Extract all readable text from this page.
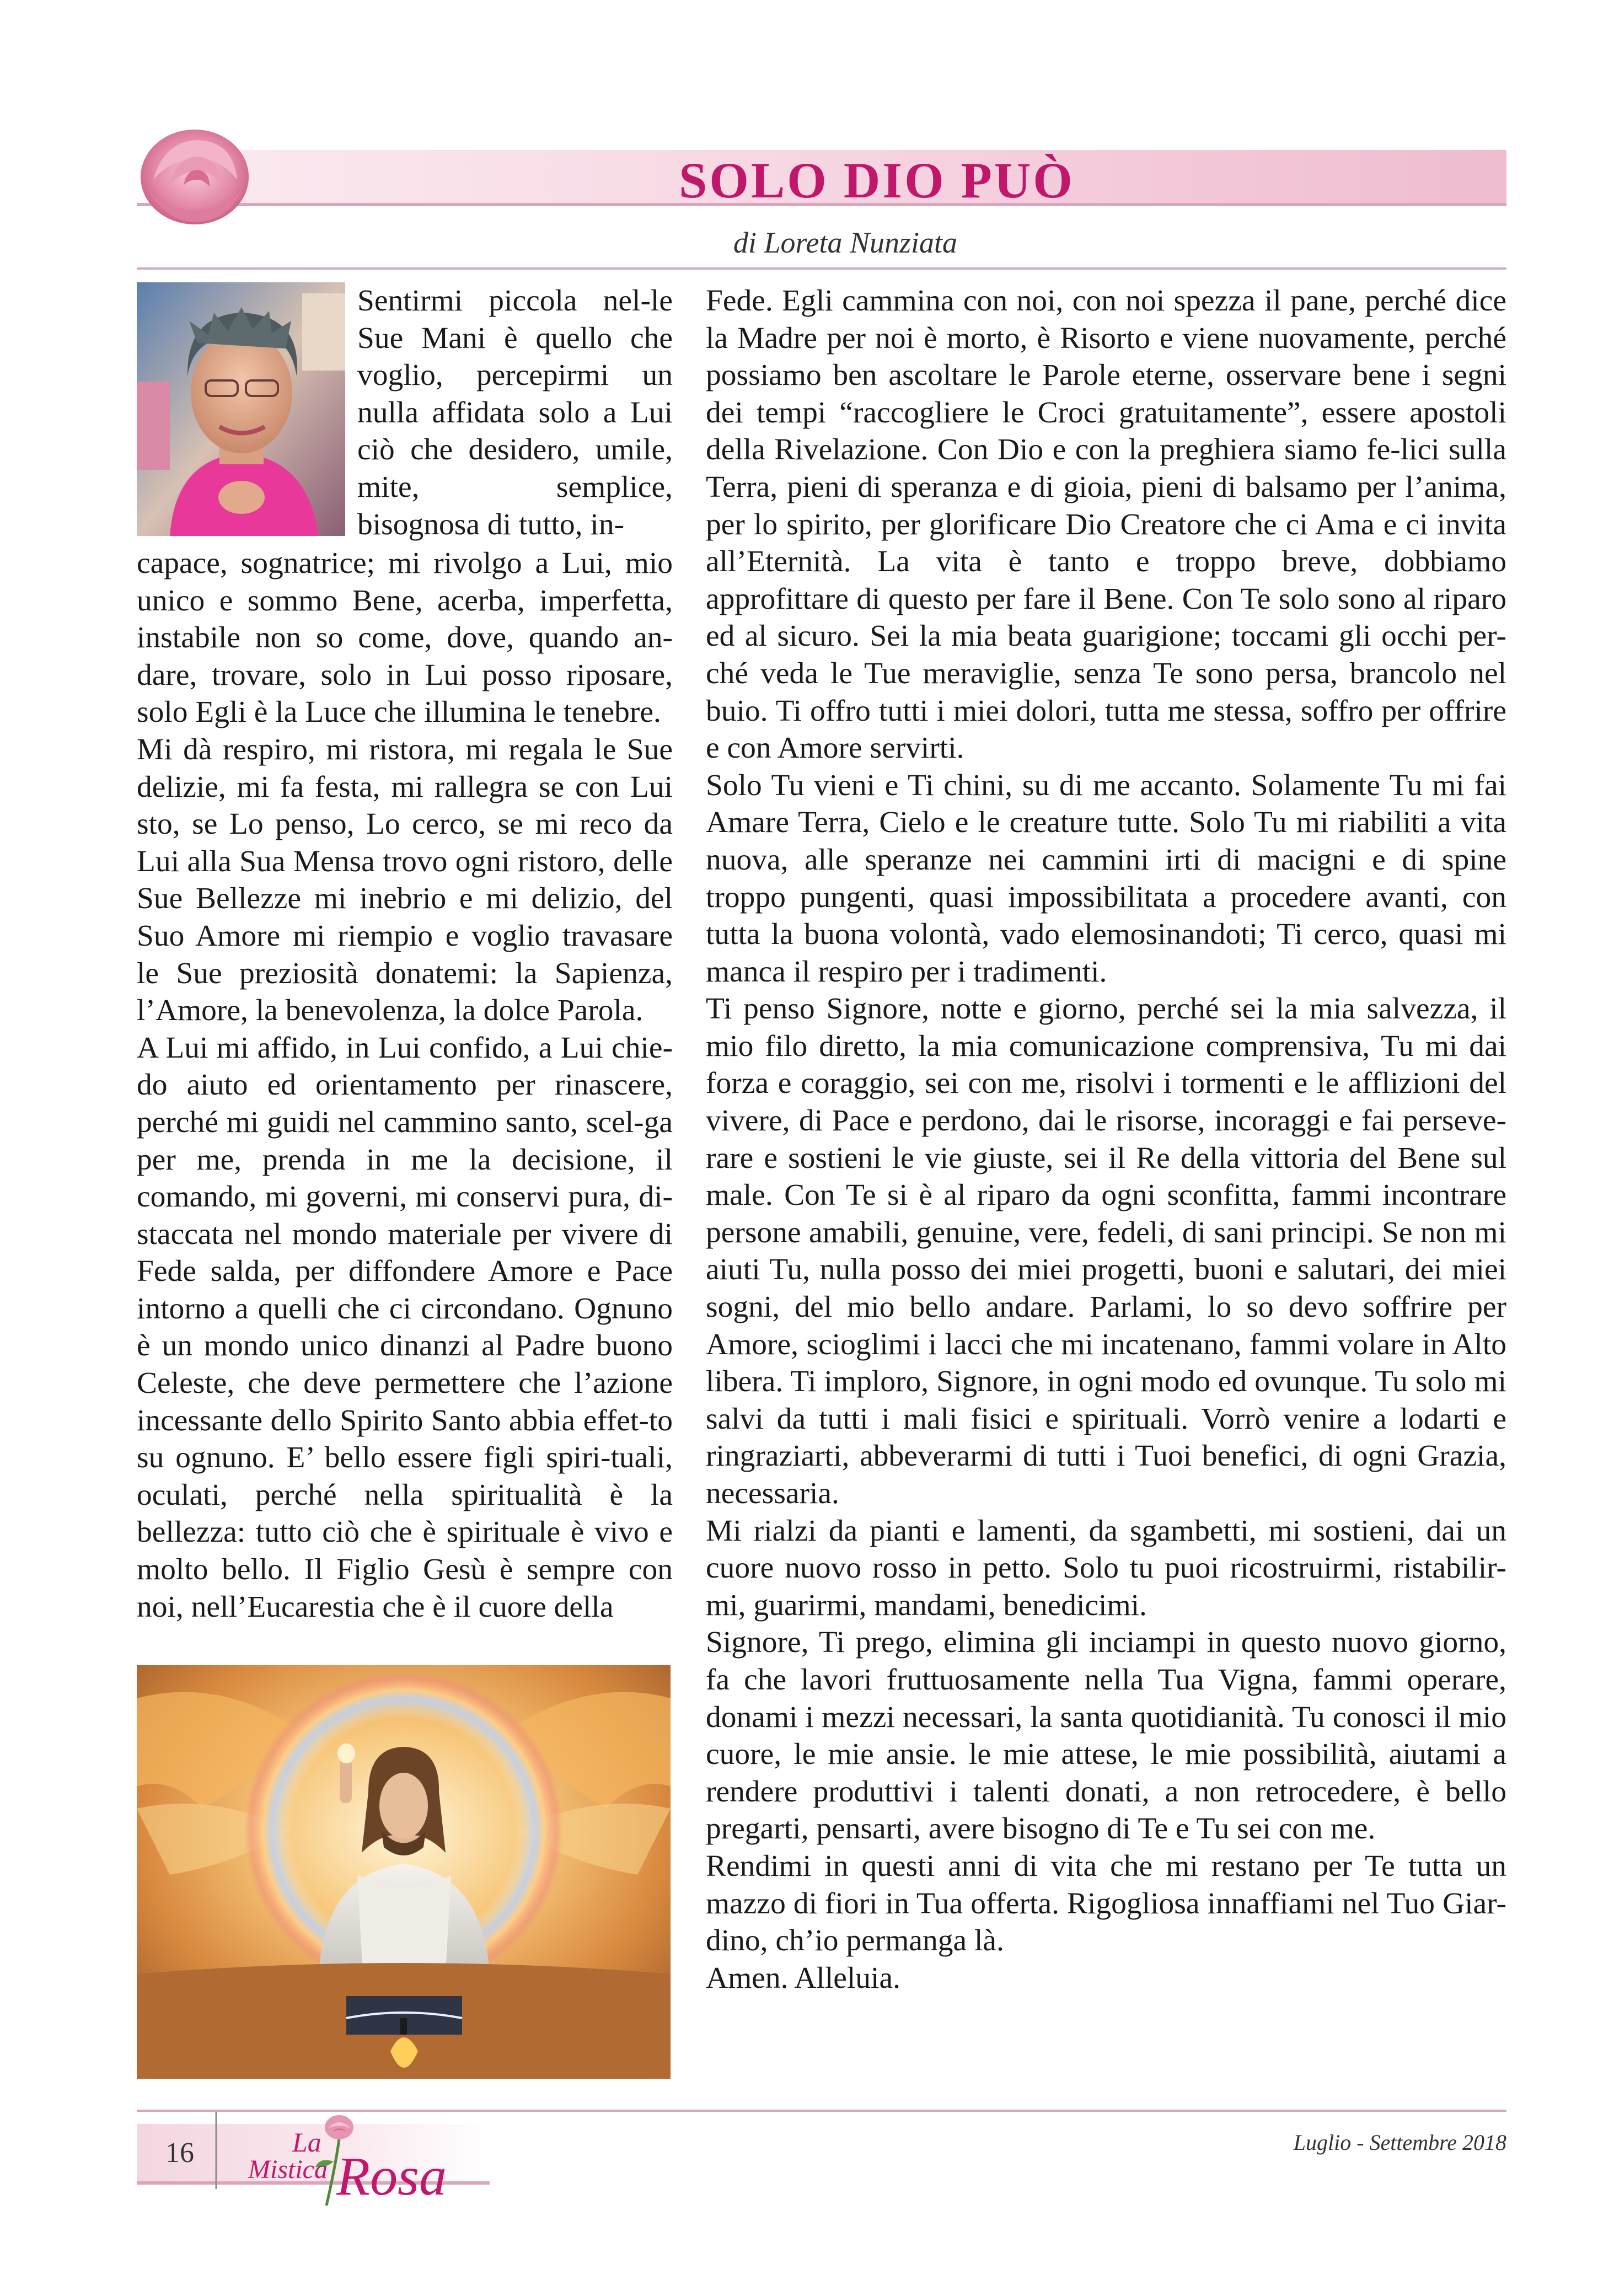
SOLO DIO PUÒ
di Loreta Nunziata

Sentirmi piccola nel-le Sue Mani è quello che voglio, percepirmi un nulla affidata solo a Lui ciò che desidero, umile, mite, semplice, bisognosa di tutto, in-

capace, sognatrice; mi rivolgo a Lui, mio unico e sommo Bene, acerba, imperfetta, instabile non so come, dove, quando an-dare, trovare, solo in Lui posso riposare, solo Egli è la Luce che illumina le tenebre.

Mi dà respiro, mi ristora, mi regala le Sue delizie, mi fa festa, mi rallegra se con Lui sto, se Lo penso, Lo cerco, se mi reco da Lui alla Sua Mensa trovo ogni ristoro, delle Sue Bellezze mi inebrio e mi delizio, del Suo Amore mi riempio e voglio travasare le Sue preziosità donatemi: la Sapienza, l’Amore, la benevolenza, la dolce Parola.

A Lui mi affido, in Lui confido, a Lui chie-do aiuto ed orientamento per rinascere, perché mi guidi nel cammino santo, scel-ga per me, prenda in me la decisione, il comando, mi governi, mi conservi pura, di-staccata nel mondo materiale per vivere di Fede salda, per diffondere Amore e Pace intorno a quelli che ci circondano. Ognuno è un mondo unico dinanzi al Padre buono Celeste, che deve permettere che l’azione incessante dello Spirito Santo abbia effet-to su ognuno. E’ bello essere figli spiri-tuali, oculati, perché nella spiritualità è la bellezza: tutto ciò che è spirituale è vivo e molto bello. Il Figlio Gesù è sempre con noi, nell’Eucarestia che è il cuore della

Fede. Egli cammina con noi, con noi spezza il pane, perché dice la Madre per noi è morto, è Risorto e viene nuovamente, perché possiamo ben ascoltare le Parole eterne, osservare bene i segni dei tempi “raccogliere le Croci gratuitamente”, essere apostoli della Rivelazione. Con Dio e con la preghiera siamo fe-lici sulla Terra, pieni di speranza e di gioia, pieni di balsamo per l’anima, per lo spirito, per glorificare Dio Creatore che ci Ama e ci invita all’Eternità. La vita è tanto e troppo breve, dobbiamo approfittare di questo per fare il Bene. Con Te solo sono al riparo ed al sicuro. Sei la mia beata guarigione; toccami gli occhi per-ché veda le Tue meraviglie, senza Te sono persa, brancolo nel buio. Ti offro tutti i miei dolori, tutta me stessa, soffro per offrire e con Amore servirti.

Solo Tu vieni e Ti chini, su di me accanto. Solamente Tu mi fai Amare Terra, Cielo e le creature tutte. Solo Tu mi riabiliti a vita nuova, alle speranze nei cammini irti di macigni e di spine troppo pungenti, quasi impossibilitata a procedere avanti, con tutta la buona volontà, vado elemosinandoti; Ti cerco, quasi mi manca il respiro per i tradimenti.

Ti penso Signore, notte e giorno, perché sei la mia salvezza, il mio filo diretto, la mia comunicazione comprensiva, Tu mi dai forza e coraggio, sei con me, risolvi i tormenti e le afflizioni del vivere, di Pace e perdono, dai le risorse, incoraggi e fai persevе-rare e sostieni le vie giuste, sei il Re della vittoria del Bene sul male. Con Te si è al riparo da ogni sconfitta, fammi incontrare persone amabili, genuine, vere, fedeli, di sani principi. Se non mi aiuti Tu, nulla posso dei miei progetti, buoni e salutari, dei miei sogni, del mio bello andare. Parlami, lo so devo soffrire per Amore, scioglimi i lacci che mi incatenano, fammi volare in Alto libera. Ti imploro, Signore, in ogni modo ed ovunque. Tu solo mi salvi da tutti i mali fisici e spirituali. Vorrò venire a lodarti e ringraziarti, abbeverarmi di tutti i Tuoi benefici, di ogni Grazia, necessaria.

Mi rialzi da pianti e lamenti, da sgambetti, mi sostieni, dai un cuore nuovo rosso in petto. Solo tu puoi ricostruirmi, ristabilir-mi, guarirmi, mandami, benedicimi.

Signore, Ti prego, elimina gli inciampi in questo nuovo giorno, fa che lavori fruttuosamente nella Tua Vigna, fammi operare, donami i mezzi necessari, la santa quotidianità. Tu conosci il mio cuore, le mie ansie. le mie attese, le mie possibilità, aiutami a rendere produttivi i talenti donati, a non retrocedere, è bello pregarti, pensarti, avere bisogno di Te e Tu sei con me.

Rendimi in questi anni di vita che mi restano per Te tutta un mazzo di fiori in Tua offerta. Rigogliosa innaffiami nel Tuo Giar-dino, ch’io permanga là.

Amen. Alleluia.

16	La
Mistica Rosa
Luglio - Settembre 2018
